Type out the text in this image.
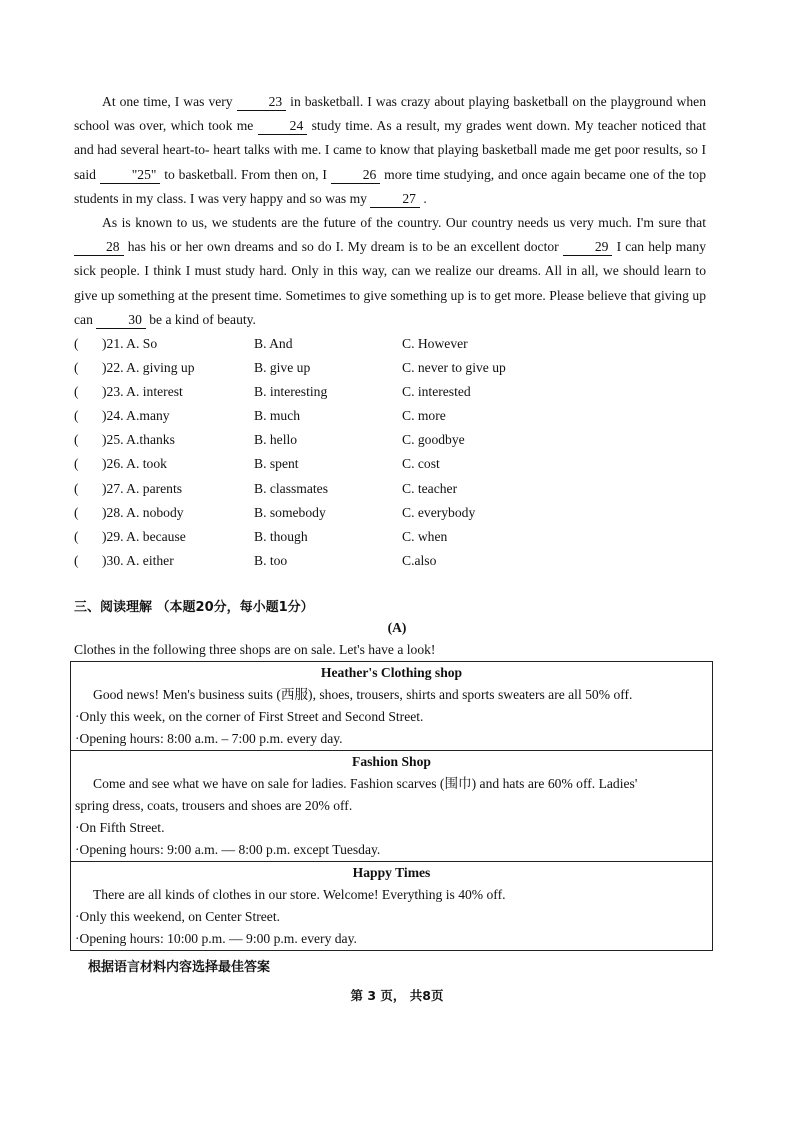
At one time, I was very 23 in basketball. I was crazy about playing basketball on the playground when school was over, which took me 24 study time. As a result, my grades went down. My teacher noticed that and had several heart-to- heart talks with me. I came to know that playing basketball made me get poor results, so I said "25" to basketball. From then on, I 26 more time studying, and once again became one of the top students in my class. I was very happy and so was my 27 .

As is known to us, we students are the future of the country. Our country needs us very much. I'm sure that 28 has his or her own dreams and so do I. My dream is to be an excellent doctor 29 I can help many sick people. I think I must study hard. Only in this way, can we realize our dreams. All in all, we should learn to give up something at the present time. Sometimes to give something up is to get more. Please believe that giving up can 30 be a kind of beauty.

( )21. A. So	B. And	C. However
( )22. A. giving up	B. give up	C. never to give up
( )23. A. interest	B. interesting	C. interested
( )24. A.many	B. much	C. more
( )25. A.thanks	B. hello	C. goodbye
( )26. A. took	B. spent	C. cost
( )27. A. parents	B. classmates	C. teacher
( )28. A. nobody	B. somebody	C. everybody
( )29. A. because	B. though	C. when
( )30. A. either	B. too	C.also
三、阅读理解 （本题20分，每小题1分）
(A)
Clothes in the following three shops are on sale. Let's have a look!
Heather's Clothing shop
Good news! Men's business suits (西服), shoes, trousers, shirts and sports sweaters are all 50% off.
·Only this week, on the corner of First Street and Second Street.
·Opening hours: 8:00 a.m. – 7:00 p.m. every day.
Fashion Shop
Come and see what we have on sale for ladies. Fashion scarves (围巾) and hats are 60% off. Ladies'
spring dress, coats, trousers and shoes are 20% off.
·On Fifth Street.
·Opening hours: 9:00 a.m. — 8:00 p.m. except Tuesday.
Happy Times
There are all kinds of clothes in our store. Welcome! Everything is 40% off.
·Only this weekend, on Center Street.
·Opening hours: 10:00 p.m. — 9:00 p.m. every day.
根据语言材料内容选择最佳答案
第 3 页， 共8页
